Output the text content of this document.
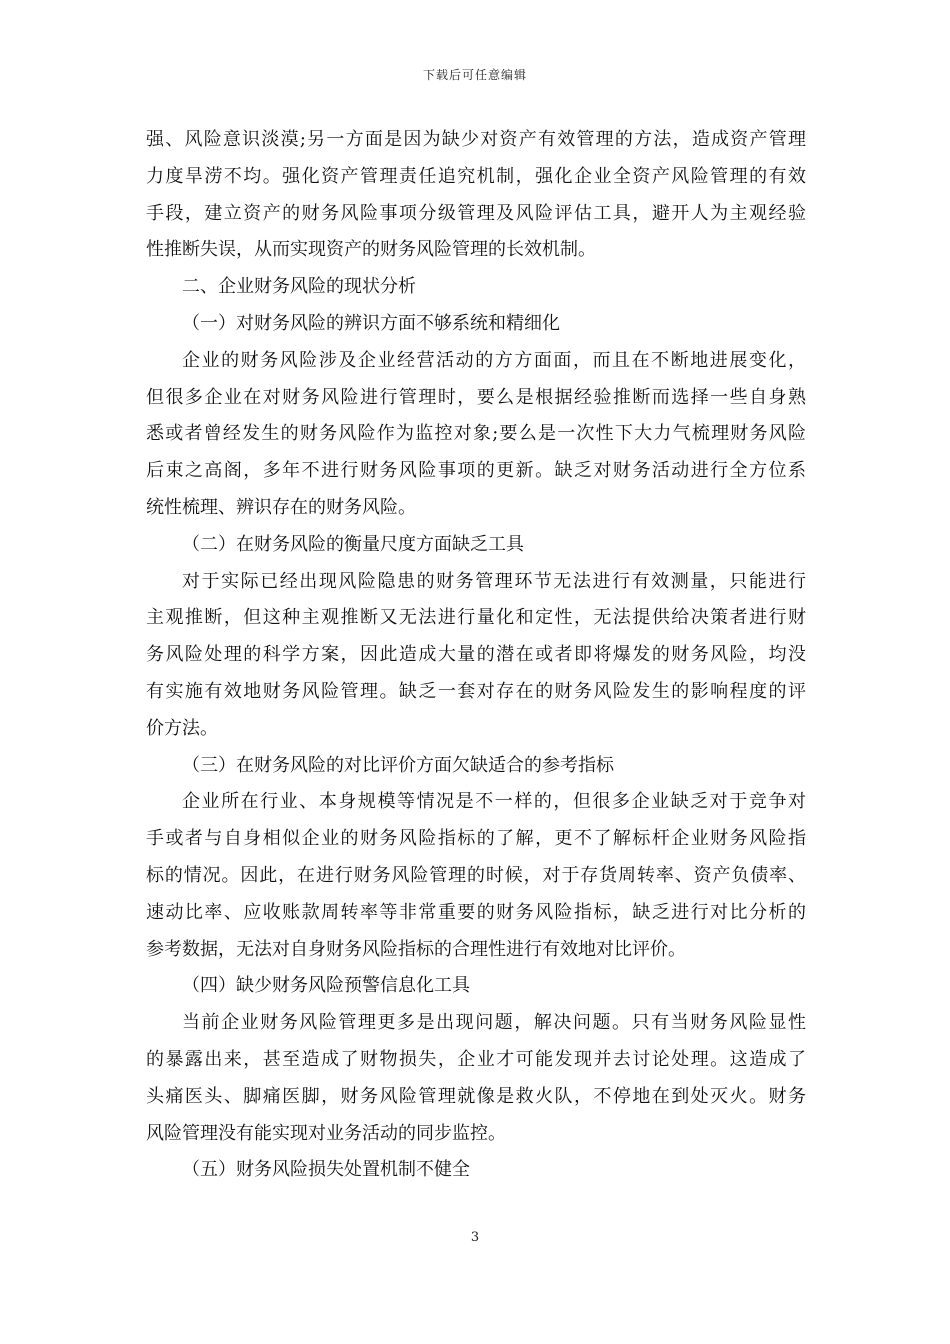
下载后可任意编辑
强、风险意识淡漠;另一方面是因为缺少对资产有效管理的方法，造成资产管理
力度旱涝不均。强化资产管理责任追究机制，强化企业全资产风险管理的有效
手段，建立资产的财务风险事项分级管理及风险评估工具，避开人为主观经验
性推断失误，从而实现资产的财务风险管理的长效机制。
二、企业财务风险的现状分析
（一）对财务风险的辨识方面不够系统和精细化
企业的财务风险涉及企业经营活动的方方面面，而且在不断地进展变化，
但很多企业在对财务风险进行管理时，要么是根据经验推断而选择一些自身熟
悉或者曾经发生的财务风险作为监控对象;要么是一次性下大力气梳理财务风险
后束之高阁，多年不进行财务风险事项的更新。缺乏对财务活动进行全方位系
统性梳理、辨识存在的财务风险。
（二）在财务风险的衡量尺度方面缺乏工具
对于实际已经出现风险隐患的财务管理环节无法进行有效测量，只能进行
主观推断，但这种主观推断又无法进行量化和定性，无法提供给决策者进行财
务风险处理的科学方案，因此造成大量的潜在或者即将爆发的财务风险，均没
有实施有效地财务风险管理。缺乏一套对存在的财务风险发生的影响程度的评
价方法。
（三）在财务风险的对比评价方面欠缺适合的参考指标
企业所在行业、本身规模等情况是不一样的，但很多企业缺乏对于竞争对
手或者与自身相似企业的财务风险指标的了解，更不了解标杆企业财务风险指
标的情况。因此，在进行财务风险管理的时候，对于存货周转率、资产负债率、
速动比率、应收账款周转率等非常重要的财务风险指标，缺乏进行对比分析的
参考数据，无法对自身财务风险指标的合理性进行有效地对比评价。
（四）缺少财务风险预警信息化工具
当前企业财务风险管理更多是出现问题，解决问题。只有当财务风险显性
的暴露出来，甚至造成了财物损失，企业才可能发现并去讨论处理。这造成了
头痛医头、脚痛医脚，财务风险管理就像是救火队，不停地在到处灭火。财务
风险管理没有能实现对业务活动的同步监控。
（五）财务风险损失处置机制不健全
3
